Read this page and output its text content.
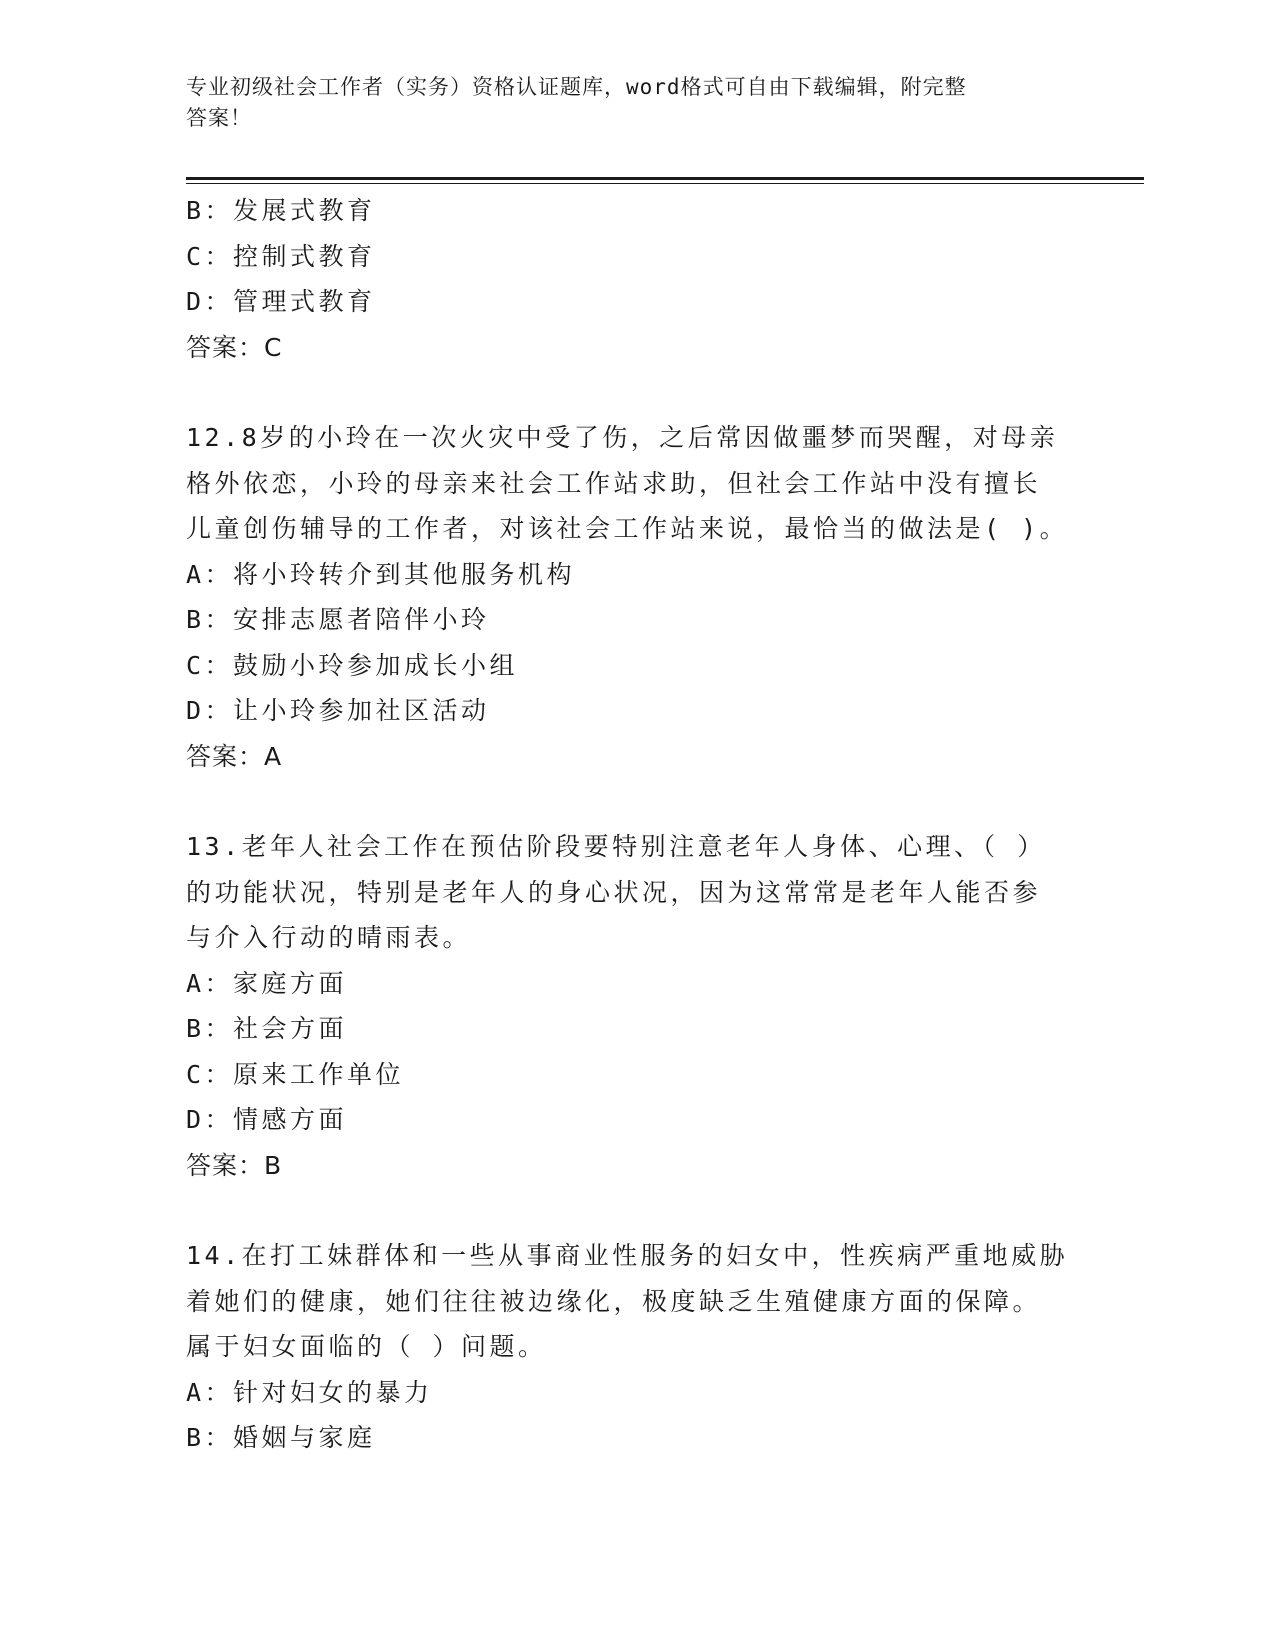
专业初级社会工作者（实务）资格认证题库，word格式可自由下载编辑，附完整
答案！
B：发展式教育
C：控制式教育
D：管理式教育
答案：C
12.8岁的小玲在一次火灾中受了伤，之后常因做噩梦而哭醒，对母亲
格外依恋，小玲的母亲来社会工作站求助，但社会工作站中没有擅长
儿童创伤辅导的工作者，对该社会工作站来说，最恰当的做法是( )。
A：将小玲转介到其他服务机构
B：安排志愿者陪伴小玲
C：鼓励小玲参加成长小组
D：让小玲参加社区活动
答案：A
13.老年人社会工作在预估阶段要特别注意老年人身体、心理、（ ）
的功能状况，特别是老年人的身心状况，因为这常常是老年人能否参
与介入行动的晴雨表。
A：家庭方面
B：社会方面
C：原来工作单位
D：情感方面
答案：B
14.在打工妹群体和一些从事商业性服务的妇女中，性疾病严重地威胁
着她们的健康，她们往往被边缘化，极度缺乏生殖健康方面的保障。
属于妇女面临的（ ）问题。
A：针对妇女的暴力
B：婚姻与家庭
